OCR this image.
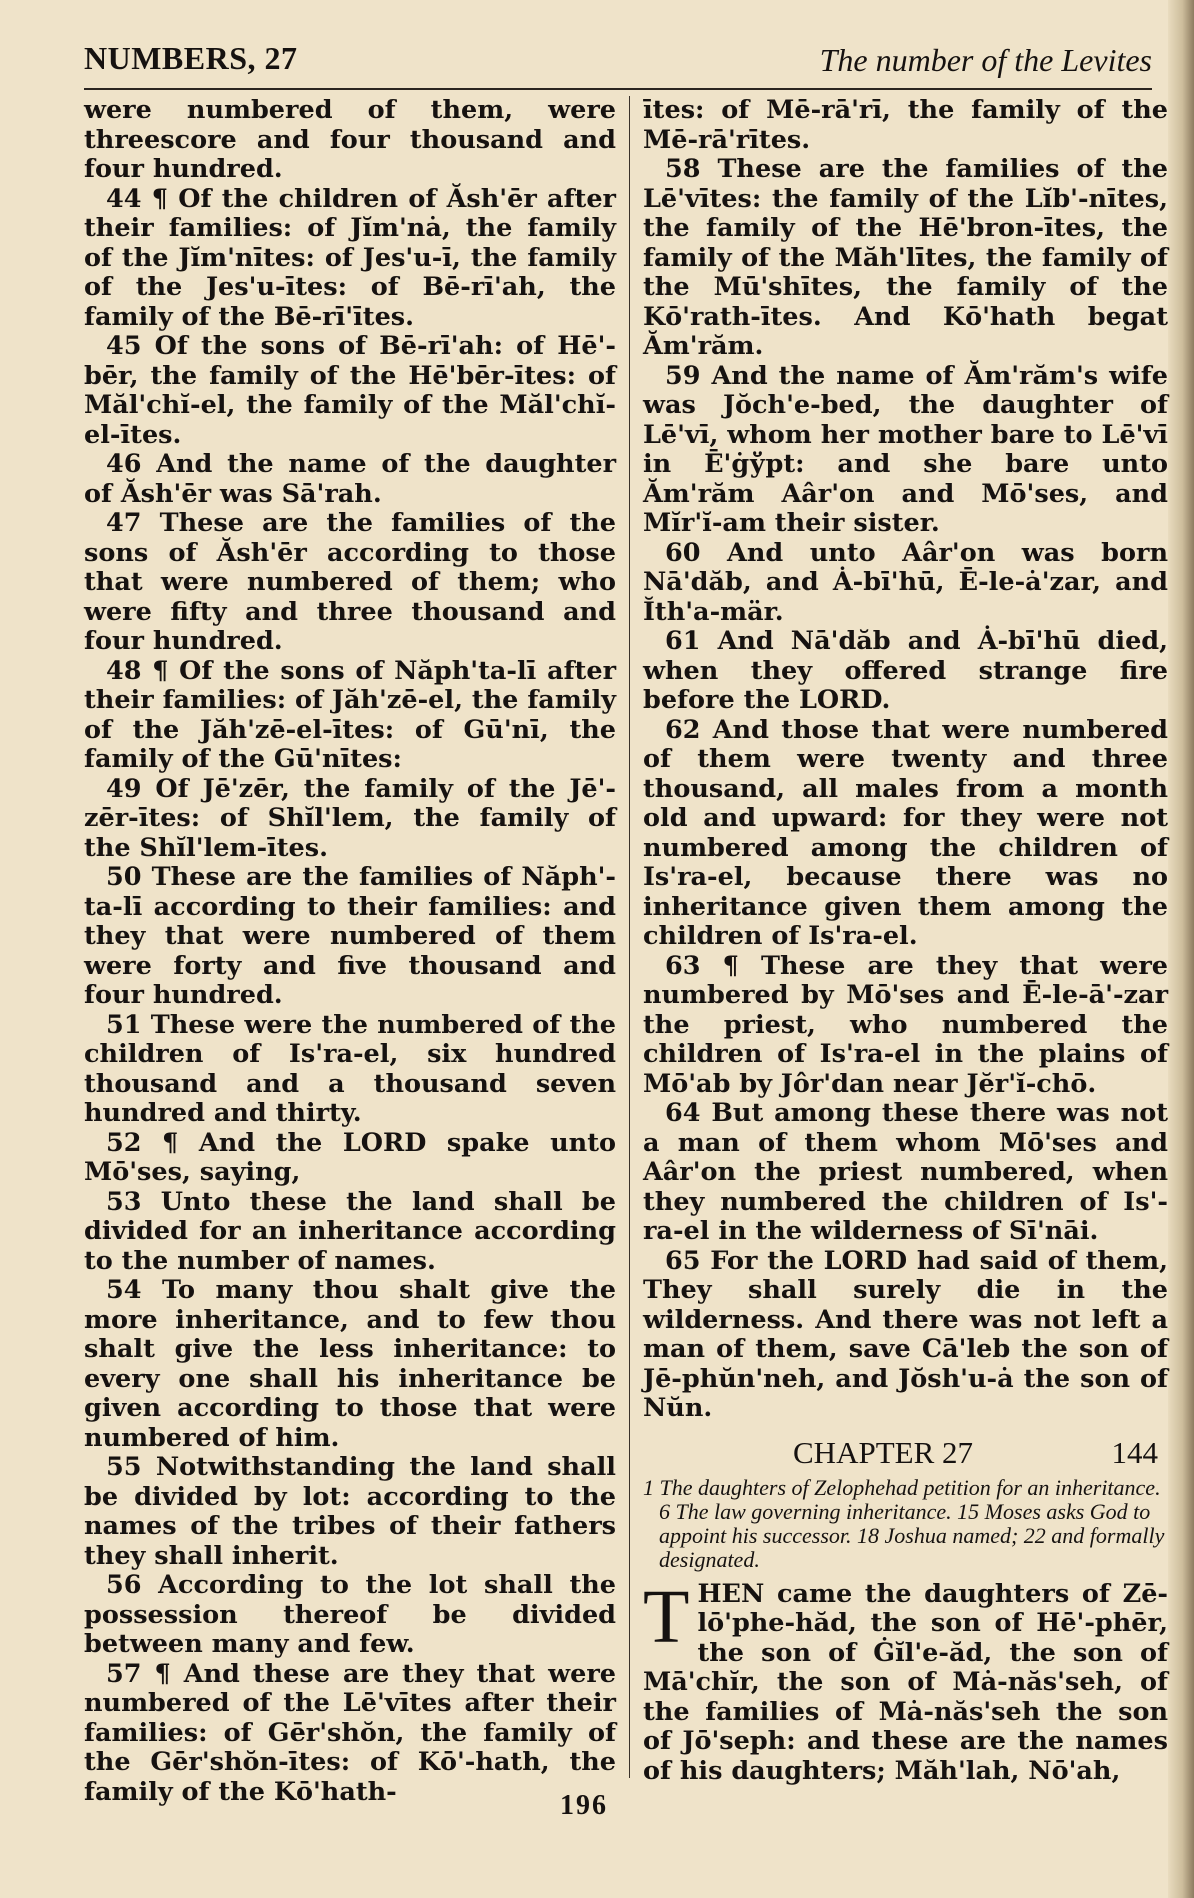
NUMBERS, 27	The number of the Levites

were numbered of them, were threescore and four thousand and four hundred.

44 ¶ Of the children of Ăsh'ēr after their families: of Jĭm'nȧ, the family of the Jĭm'nītes: of Jes'u-ī, the family of the Jes'u-ītes: of Bē-rī'ah, the family of the Bē-rī'ītes.

45 Of the sons of Bē-rī'ah: of Hē'-bēr, the family of the Hē'bēr-ītes: of Măl'chĭ-el, the family of the Măl'chĭ-el-ītes.

46 And the name of the daughter of Ăsh'ēr was Sā'rah.

47 These are the families of the sons of Ăsh'ēr according to those that were numbered of them; who were fifty and three thousand and four hundred.

48 ¶ Of the sons of Năph'ta-lī after their families: of Jăh'zē-el, the family of the Jăh'zē-el-ītes: of Gū'nī, the family of the Gū'nītes:

49 Of Jē'zēr, the family of the Jē'-zēr-ītes: of Shĭl'lem, the family of the Shĭl'lem-ītes.

50 These are the families of Năph'-ta-lī according to their families: and they that were numbered of them were forty and five thousand and four hundred.

51 These were the numbered of the children of Is'ra-el, six hundred thousand and a thousand seven hundred and thirty.

52 ¶ And the LORD spake unto Mō'ses, saying,

53 Unto these the land shall be divided for an inheritance according to the number of names.

54 To many thou shalt give the more inheritance, and to few thou shalt give the less inheritance: to every one shall his inheritance be given according to those that were numbered of him.

55 Notwithstanding the land shall be divided by lot: according to the names of the tribes of their fathers they shall inherit.

56 According to the lot shall the possession thereof be divided between many and few.

57 ¶ And these are they that were numbered of the Lē'vītes after their families: of Gēr'shŏn, the family of the Gēr'shŏn-ītes: of Kō'-hath, the family of the Kō'hath-

ītes: of Mē-rā'rī, the family of the Mē-rā'rītes.

58 These are the families of the Lē'vītes: the family of the Lĭb'-nītes, the family of the Hē'bron-ītes, the family of the Măh'lītes, the family of the Mū'shītes, the family of the Kō'rath-ītes. And Kō'hath begat Ăm'răm.

59 And the name of Ăm'răm's wife was Jŏch'e-bed, the daughter of Lē'vī, whom her mother bare to Lē'vī in Ē'ġўpt: and she bare unto Ăm'răm Aâr'on and Mō'ses, and Mĭr'ĭ-am their sister.

60 And unto Aâr'on was born Nā'dăb, and Ȧ-bī'hū, Ē-le-ȧ'zar, and Ĭth'a-mär.

61 And Nā'dăb and Ȧ-bī'hū died, when they offered strange fire before the LORD.

62 And those that were numbered of them were twenty and three thousand, all males from a month old and upward: for they were not numbered among the children of Is'ra-el, because there was no inheritance given them among the children of Is'ra-el.

63 ¶ These are they that were numbered by Mō'ses and Ē-le-ā'-zar the priest, who numbered the children of Is'ra-el in the plains of Mō'ab by Jôr'dan near Jĕr'ĭ-chō.

64 But among these there was not a man of them whom Mō'ses and Aâr'on the priest numbered, when they numbered the children of Is'-ra-el in the wilderness of Sī'nāi.

65 For the LORD had said of them, They shall surely die in the wilderness. And there was not left a man of them, save Cā'leb the son of Jē-phŭn'neh, and Jŏsh'u-ȧ the son of Nŭn.

CHAPTER 27	144

1 The daughters of Zelophehad petition for an inheritance. 6 The law governing inheritance. 15 Moses asks God to appoint his successor. 18 Joshua named; 22 and formally designated.

THEN came the daughters of Zē-lō'phe-hăd, the son of Hē'-phēr, the son of Ġĭl'e-ăd, the son of Mā'chĭr, the son of Mȧ-năs'seh, of the families of Mȧ-năs'seh the son of Jō'seph: and these are the names of his daughters; Măh'lah, Nō'ah,

196
